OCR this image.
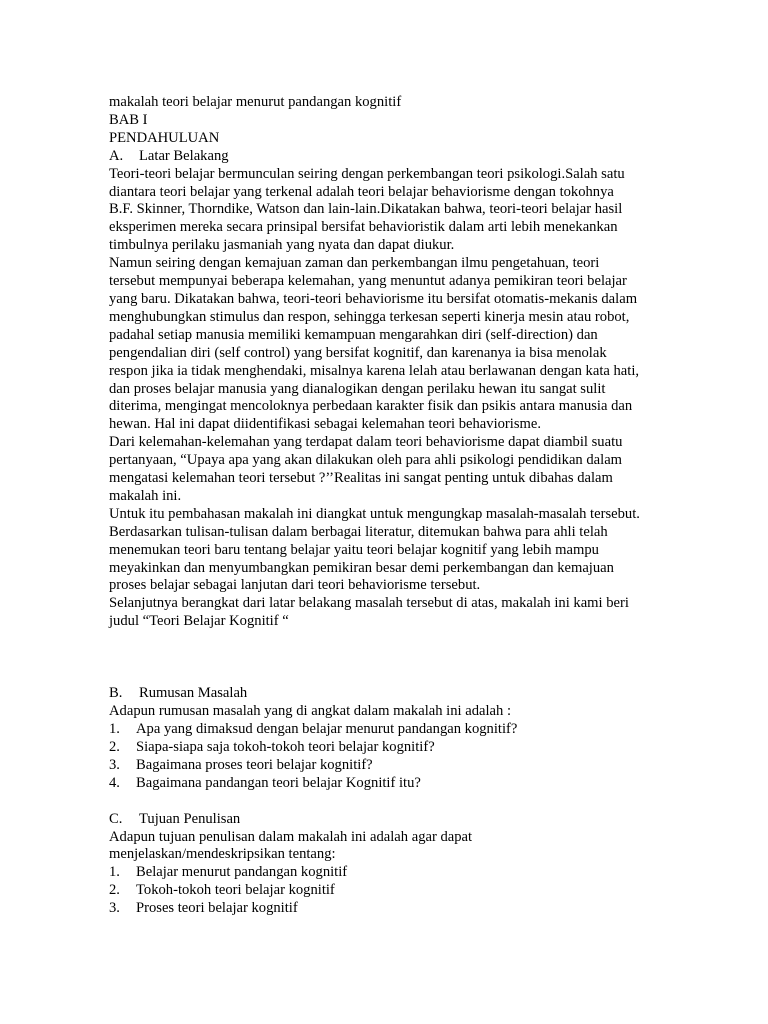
makalah teori belajar menurut pandangan kognitif
BAB I
PENDAHULUAN
A. Latar Belakang
Teori-teori belajar bermunculan seiring dengan perkembangan teori psikologi.Salah satu
diantara teori belajar yang terkenal adalah teori belajar behaviorisme dengan tokohnya
B.F. Skinner, Thorndike, Watson dan lain-lain.Dikatakan bahwa, teori-teori belajar hasil
eksperimen mereka secara prinsipal bersifat behavioristik dalam arti lebih menekankan
timbulnya perilaku jasmaniah yang nyata dan dapat diukur.
Namun seiring dengan kemajuan zaman dan perkembangan ilmu pengetahuan, teori
tersebut mempunyai beberapa kelemahan, yang menuntut adanya pemikiran teori belajar
yang baru. Dikatakan bahwa, teori-teori behaviorisme itu bersifat otomatis-mekanis dalam
menghubungkan stimulus dan respon, sehingga terkesan seperti kinerja mesin atau robot,
padahal setiap manusia memiliki kemampuan mengarahkan diri (self-direction) dan
pengendalian diri (self control) yang bersifat kognitif, dan karenanya ia bisa menolak
respon jika ia tidak menghendaki, misalnya karena lelah atau berlawanan dengan kata hati,
dan proses belajar manusia yang dianalogikan dengan perilaku hewan itu sangat sulit
diterima, mengingat mencoloknya perbedaan karakter fisik dan psikis antara manusia dan
hewan. Hal ini dapat diidentifikasi sebagai kelemahan teori behaviorisme.
Dari kelemahan-kelemahan yang terdapat dalam teori behaviorisme dapat diambil suatu
pertanyaan, “Upaya apa yang akan dilakukan oleh para ahli psikologi pendidikan dalam
mengatasi kelemahan teori tersebut ?’’Realitas ini sangat penting untuk dibahas dalam
makalah ini.
Untuk itu pembahasan makalah ini diangkat untuk mengungkap masalah-masalah tersebut.
Berdasarkan tulisan-tulisan dalam berbagai literatur, ditemukan bahwa para ahli telah
menemukan teori baru tentang belajar yaitu teori belajar kognitif yang lebih mampu
meyakinkan dan menyumbangkan pemikiran besar demi perkembangan dan kemajuan
proses belajar sebagai lanjutan dari teori behaviorisme tersebut.
Selanjutnya berangkat dari latar belakang masalah tersebut di atas, makalah ini kami beri
judul “Teori Belajar Kognitif “
B. Rumusan Masalah
Adapun rumusan masalah yang di angkat dalam makalah ini adalah :
1. Apa yang dimaksud dengan belajar menurut pandangan kognitif?
2. Siapa-siapa saja tokoh-tokoh teori belajar kognitif?
3. Bagaimana proses teori belajar kognitif?
4. Bagaimana pandangan teori belajar Kognitif itu?
C. Tujuan Penulisan
Adapun tujuan penulisan dalam makalah ini adalah agar dapat
menjelaskan/mendeskripsikan tentang:
1. Belajar menurut pandangan kognitif
2. Tokoh-tokoh teori belajar kognitif
3. Proses teori belajar kognitif
